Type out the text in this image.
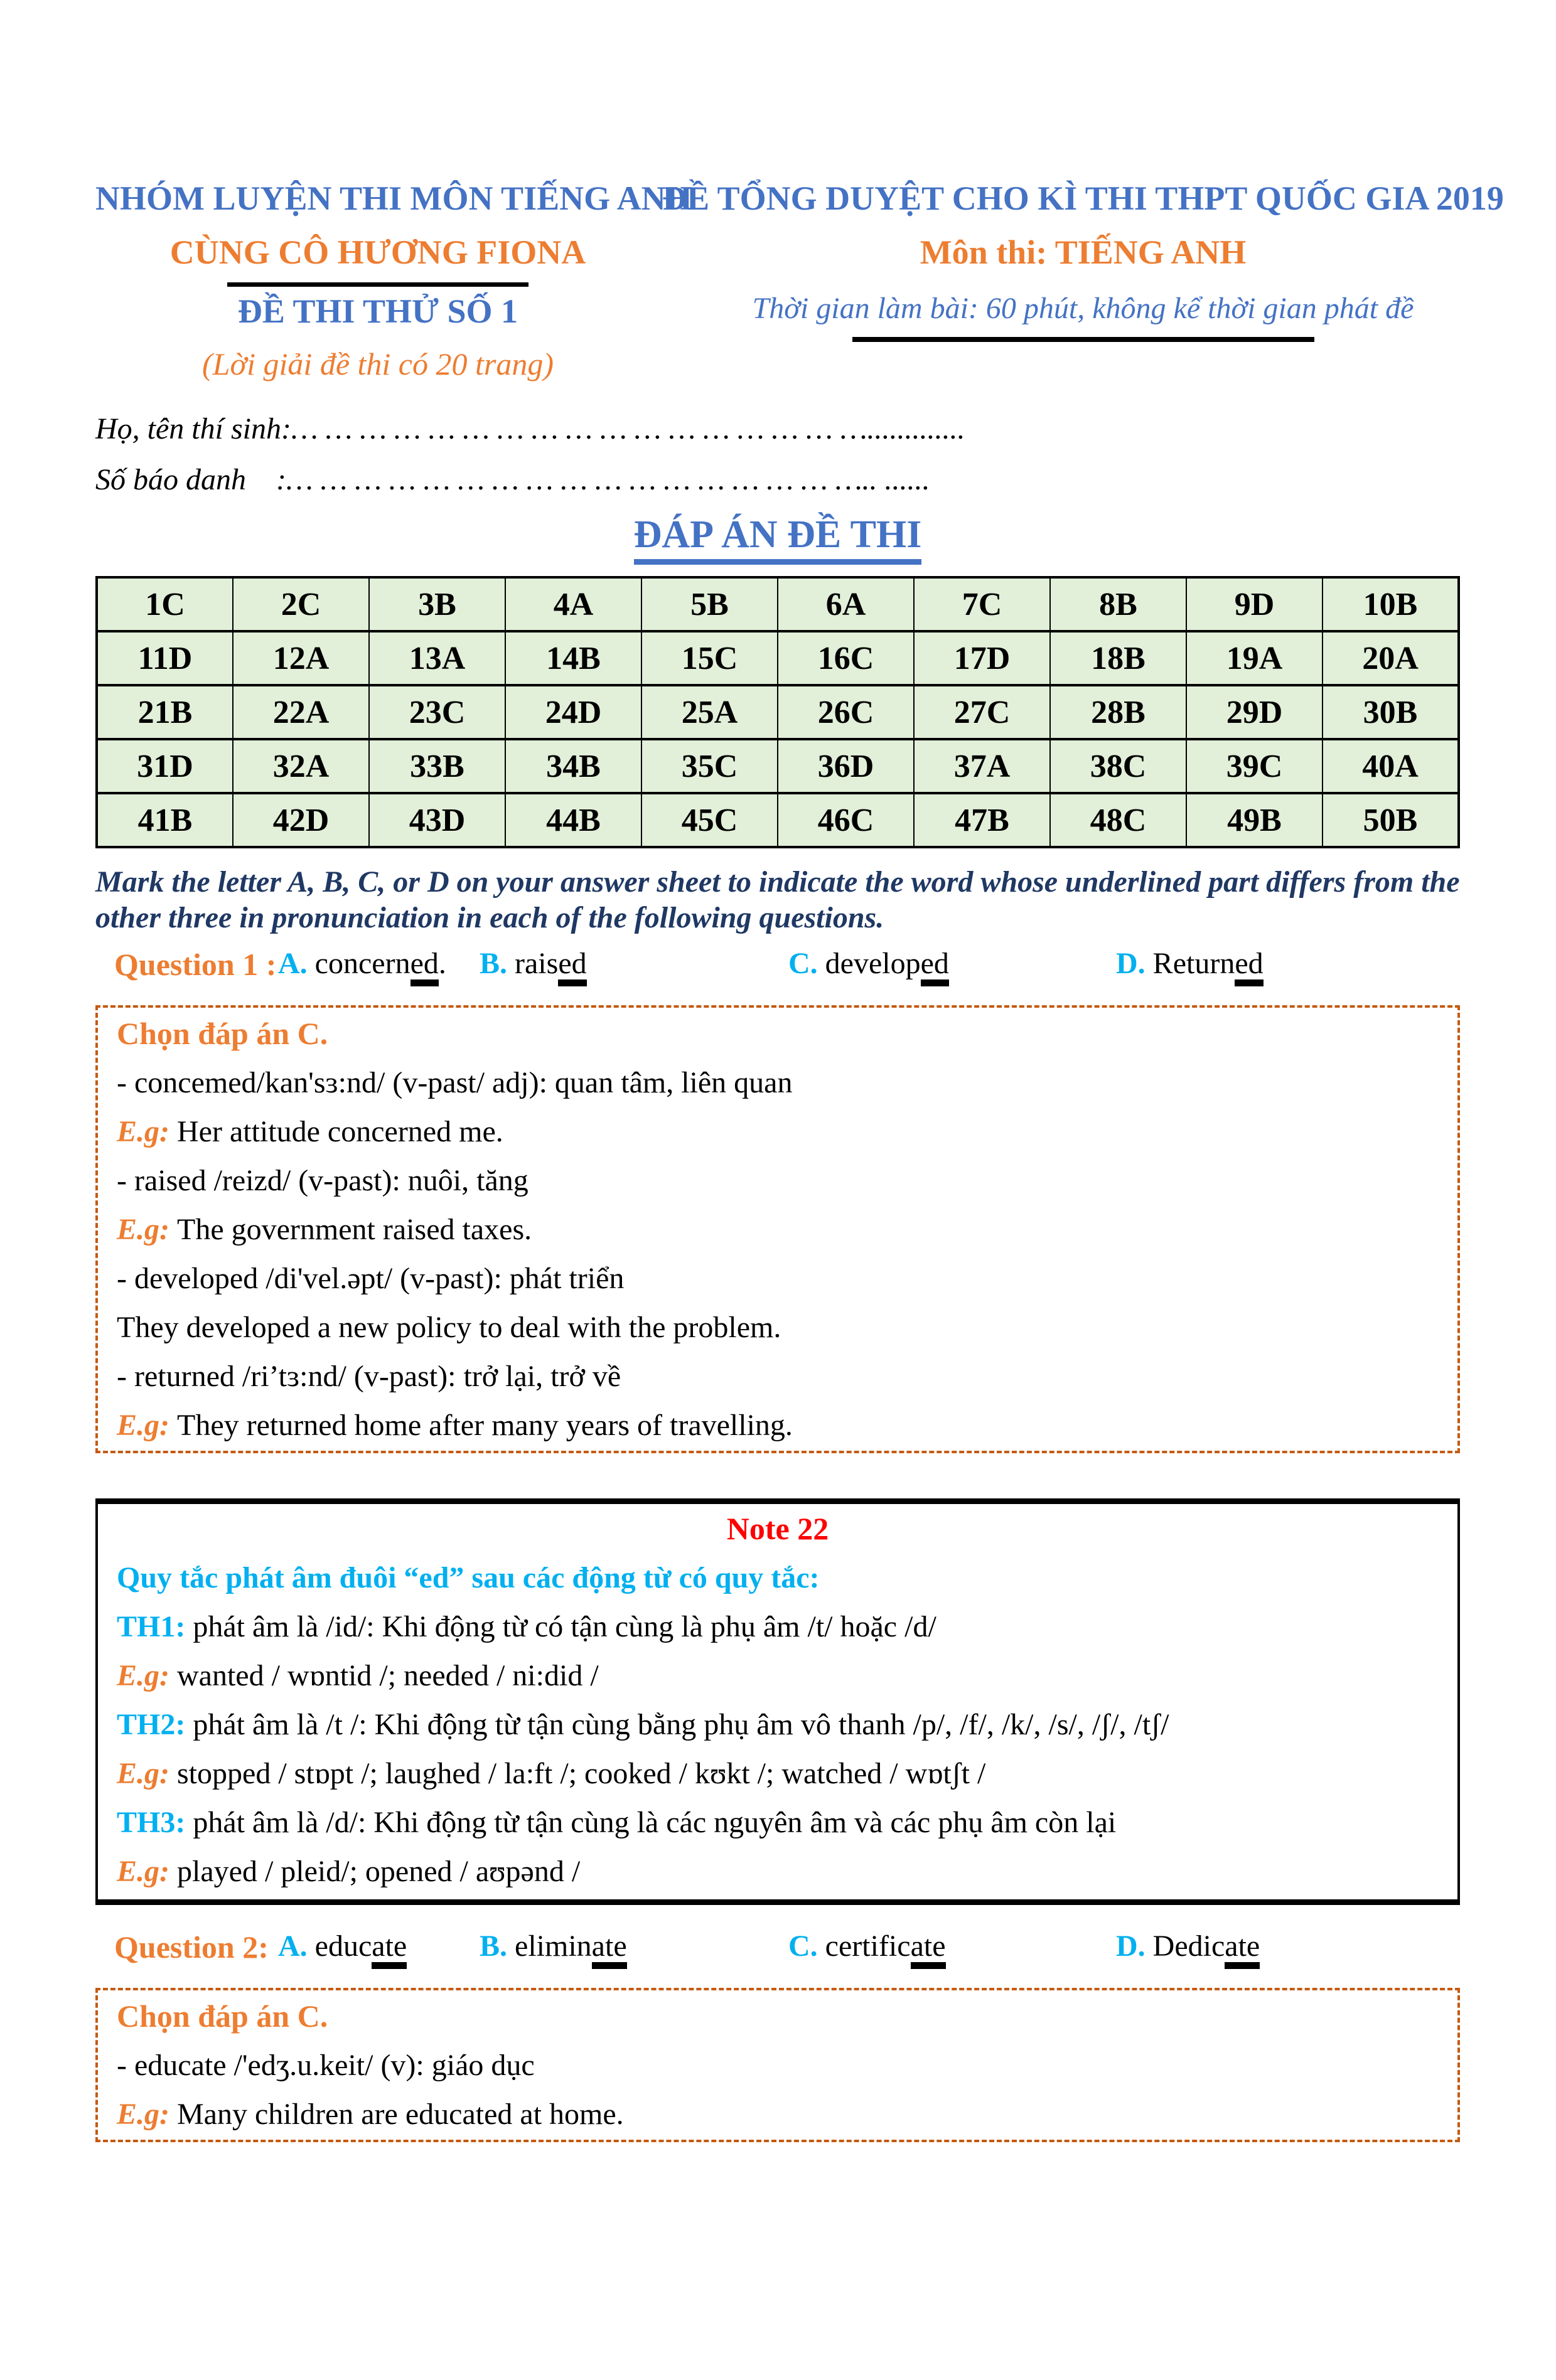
NHÓM LUYỆN THI MÔN TIẾNG ANH

CÙNG CÔ HƯƠNG FIONA

ĐỀ THI THỬ SỐ 1

(Lời giải đề thi có 20 trang)

ĐỀ TỔNG DUYỆT CHO KÌ THI THPT QUỐC GIA 2019

Môn thi: TIẾNG ANH

Thời gian làm bài: 60 phút, không kể thời gian phát đề

Họ, tên thí sinh:… … … … … … … … … … … … … … … … ….............

Số báo danh    :… … … … … … … … … … … … … … … … ….. ......

ĐÁP ÁN ĐỀ THI
1C	2C	3B	4A	5B	6A	7C	8B	9D	10B
11D	12A	13A	14B	15C	16C	17D	18B	19A	20A
21B	22A	23C	24D	25A	26C	27C	28B	29D	30B
31D	32A	33B	34B	35C	36D	37A	38C	39C	40A
41B	42D	43D	44B	45C	46C	47B	48C	49B	50B

Mark the letter A, B, C, or D on your answer sheet to indicate the word whose underlined part differs from the other three in pronunciation in each of the following questions.

Question 1 : A. concerned. B. raised	C. developed	D. Returned

Chọn đáp án C.

- concemed/kan'sɜ:nd/ (v-past/ adj): quan tâm, liên quan

E.g: Her attitude concerned me.

- raised /reizd/ (v-past): nuôi, tăng

E.g: The government raised taxes.

- developed /di'vel.əpt/ (v-past): phát triển

They developed a new policy to deal with the problem.

- returned /ri’tɜ:nd/ (v-past): trở lại, trở về

E.g: They returned home after many years of travelling.

Note 22

Quy tắc phát âm đuôi “ed” sau các động từ có quy tắc:

TH1: phát âm là /id/: Khi động từ có tận cùng là phụ âm /t/ hoặc /d/

E.g: wanted / wɒntid /; needed / ni:did /

TH2: phát âm là /t /: Khi động từ tận cùng bằng phụ âm vô thanh /p/, /f/, /k/, /s/, /ʃ/, /tʃ/

E.g: stopped / stɒpt /; laughed / la:ft /; cooked / kʊkt /; watched / wɒtʃt /

TH3: phát âm là /d/: Khi động từ tận cùng là các nguyên âm và các phụ âm còn lại

E.g: played / pleid/; opened / aʊpənd /

Question 2: A. educate B. eliminate	C. certificate	D. Dedicate

Chọn đáp án C.

- educate /'edʒ.u.keit/ (v): giáo dục

E.g: Many children are educated at home.
